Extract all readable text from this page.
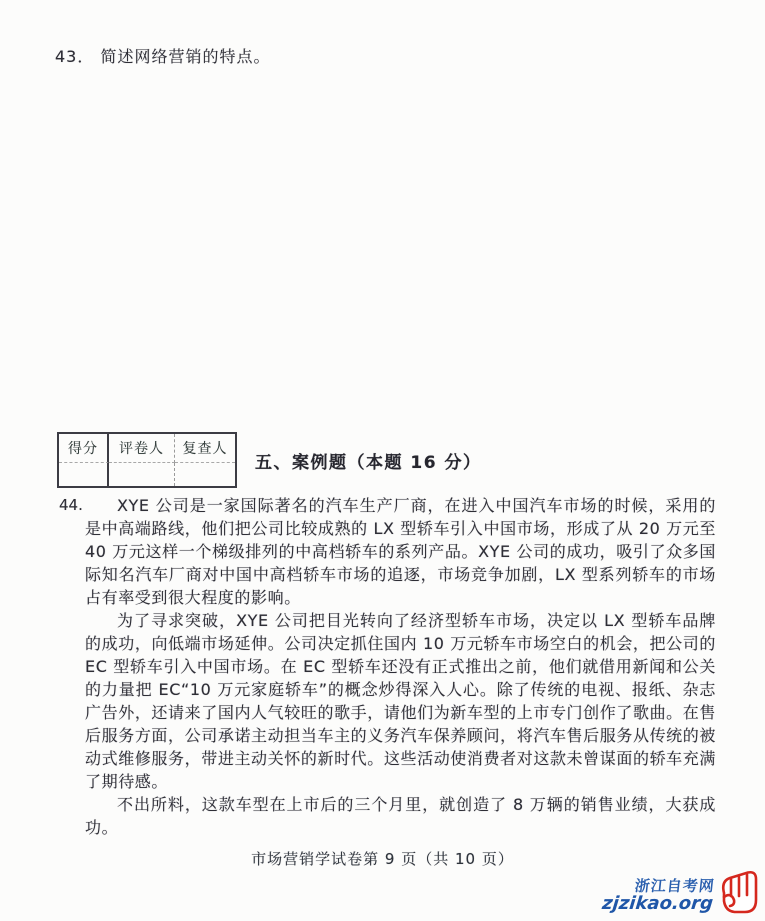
43． 简述网络营销的特点。
得分	评卷人	复查人
五、案例题（本题 16 分）
44.	XYE 公司是一家国际著名的汽车生产厂商，在进入中国汽车市场的时候，采用的是中高端路线，他们把公司比较成熟的 LX 型轿车引入中国市场，形成了从 20 万元至 40 万元这样一个梯级排列的中高档轿车的系列产品。XYE 公司的成功，吸引了众多国际知名汽车厂商对中国中高档轿车市场的追逐，市场竞争加剧，LX 型系列轿车的市场占有率受到很大程度的影响。

为了寻求突破，XYE 公司把目光转向了经济型轿车市场，决定以 LX 型轿车品牌的成功，向低端市场延伸。公司决定抓住国内 10 万元轿车市场空白的机会，把公司的 EC 型轿车引入中国市场。在 EC 型轿车还没有正式推出之前，他们就借用新闻和公关的力量把 EC“10 万元家庭轿车”的概念炒得深入人心。除了传统的电视、报纸、杂志广告外，还请来了国内人气较旺的歌手，请他们为新车型的上市专门创作了歌曲。在售后服务方面，公司承诺主动担当车主的义务汽车保养顾问，将汽车售后服务从传统的被动式维修服务，带进主动关怀的新时代。这些活动使消费者对这款未曾谋面的轿车充满了期待感。

不出所料，这款车型在上市后的三个月里，就创造了 8 万辆的销售业绩，大获成功。

市场营销学试卷第 9 页（共 10 页）
浙江自考网
zjzikao.org
